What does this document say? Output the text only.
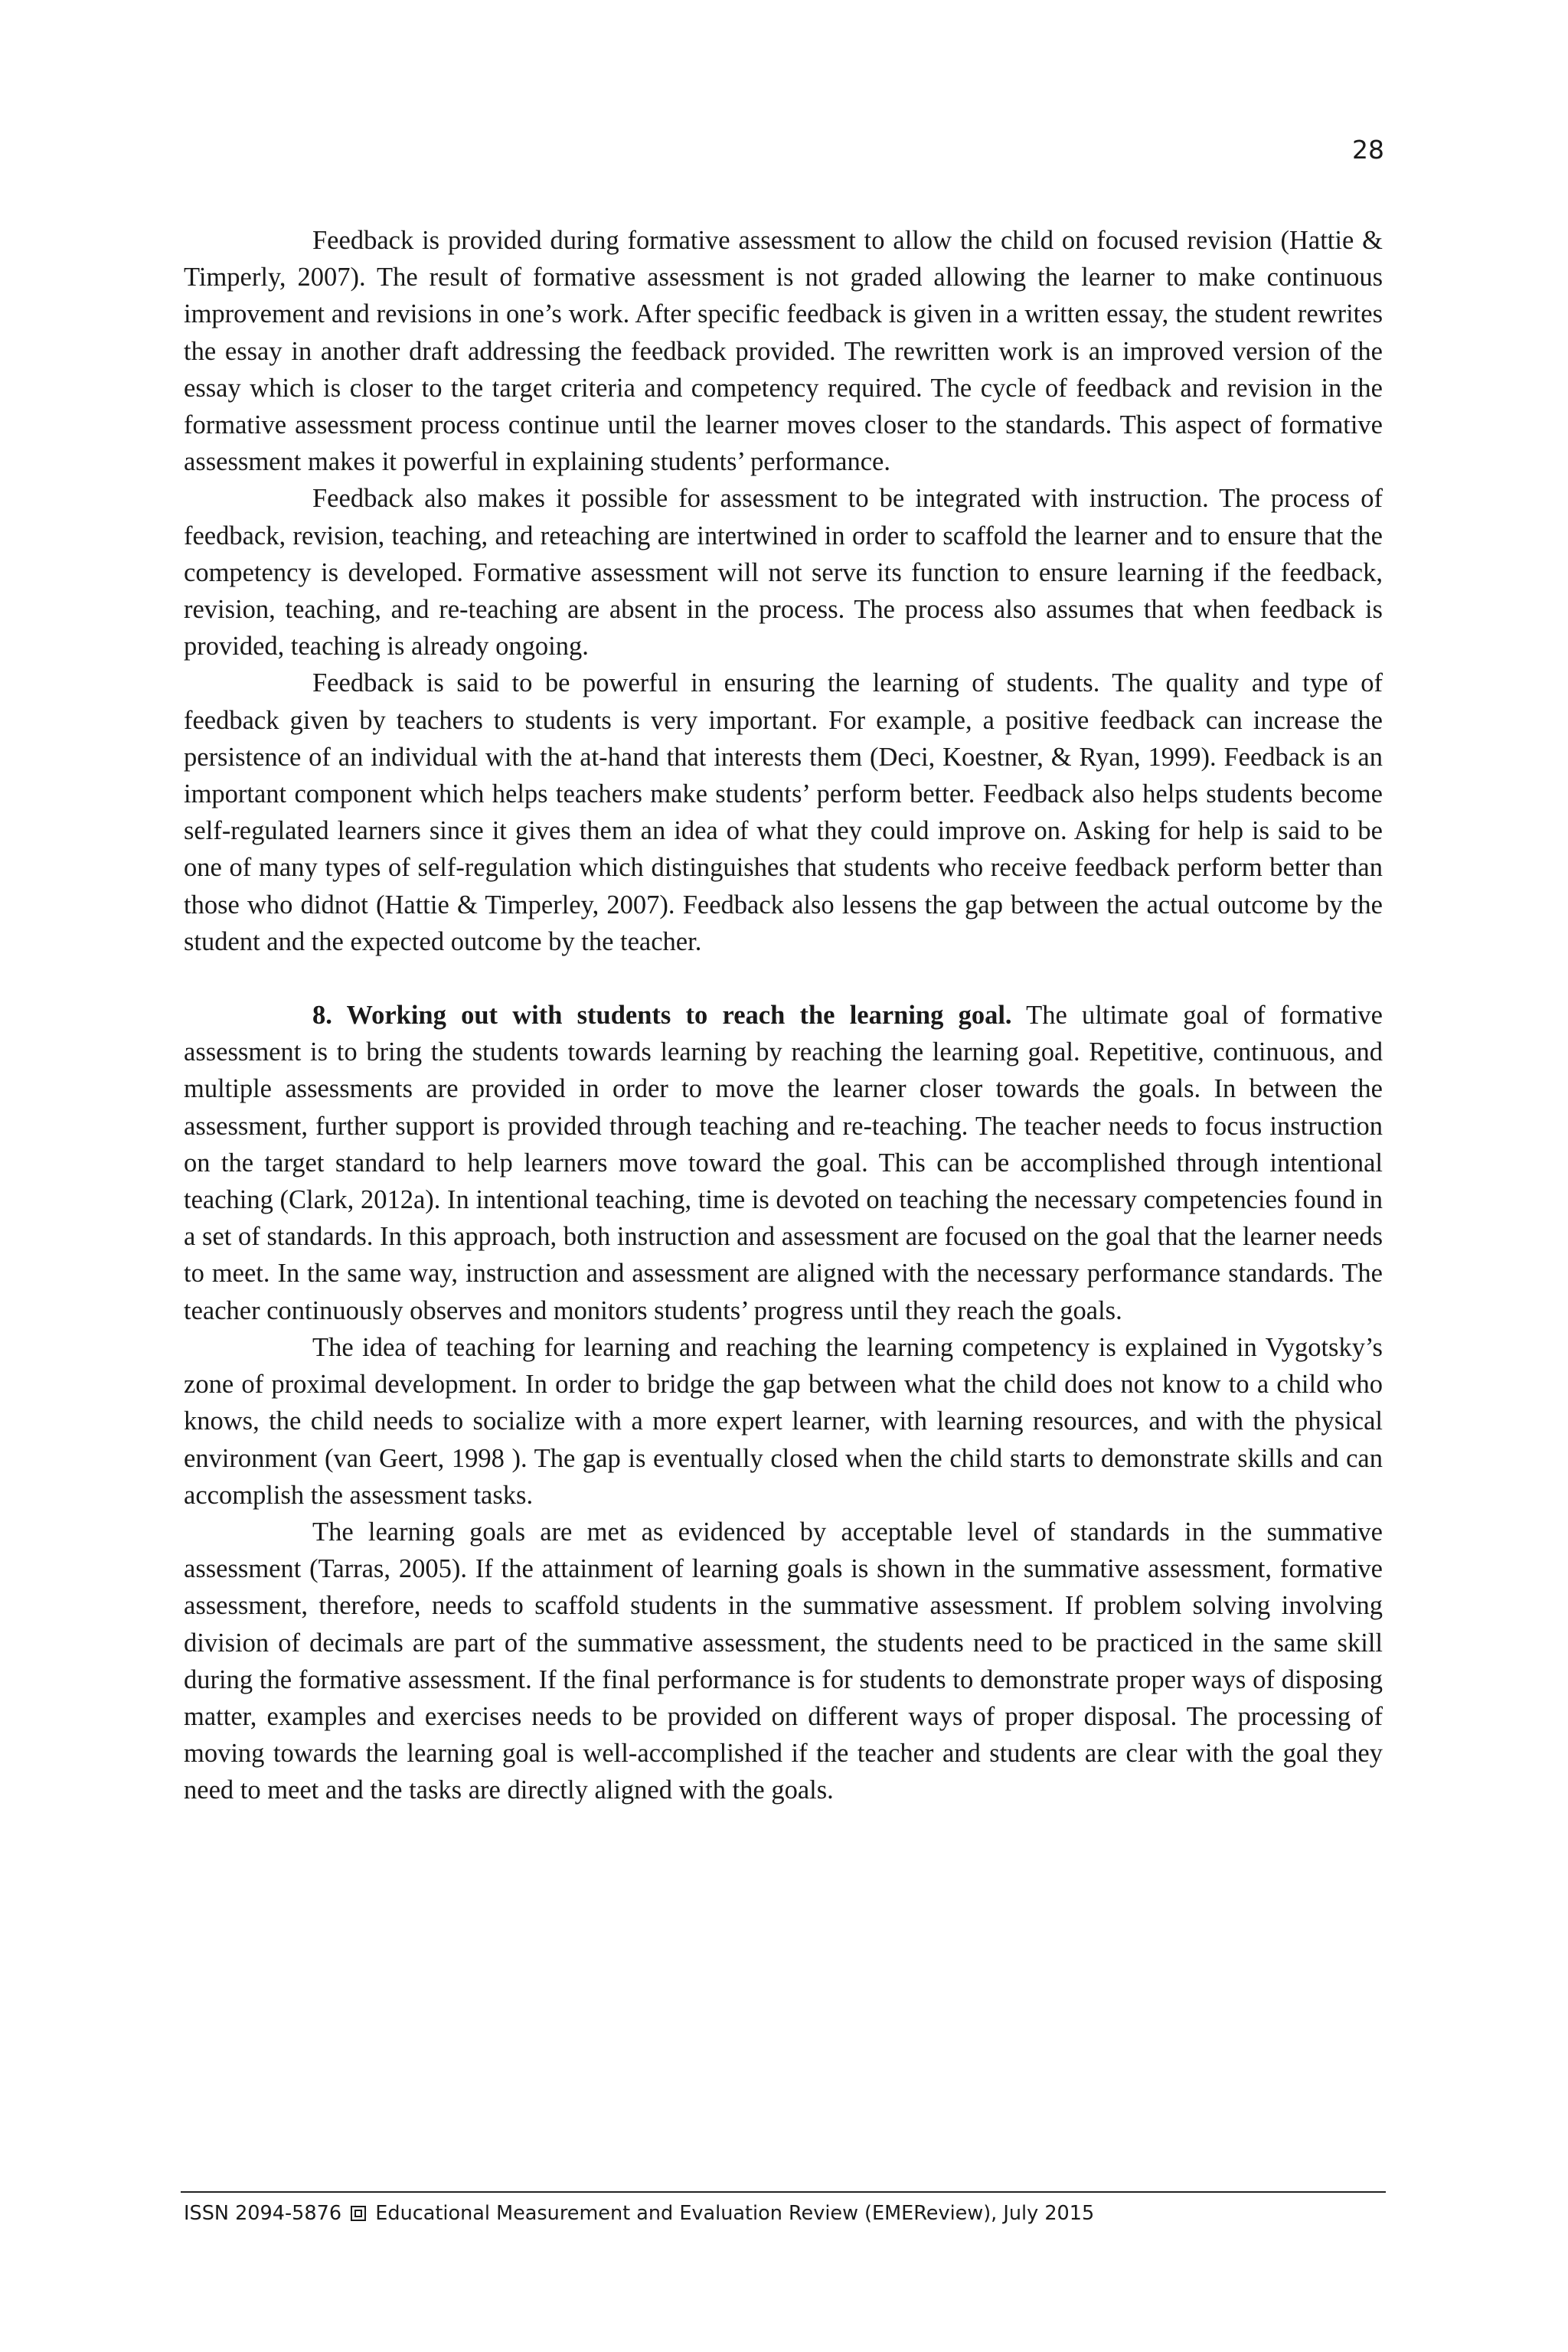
28

Feedback is provided during formative assessment to allow the child on focused revision (Hattie & Timperly, 2007). The result of formative assessment is not graded allowing the learner to make continuous improvement and revisions in one’s work. After specific feedback is given in a written essay, the student rewrites the essay in another draft addressing the feedback provided. The rewritten work is an improved version of the essay which is closer to the target criteria and competency required. The cycle of feedback and revision in the formative assessment process continue until the learner moves closer to the standards. This aspect of formative assessment makes it powerful in explaining students’ performance.

Feedback also makes it possible for assessment to be integrated with instruction. The process of feedback, revision, teaching, and reteaching are intertwined in order to scaffold the learner and to ensure that the competency is developed. Formative assessment will not serve its function to ensure learning if the feedback, revision, teaching, and re-teaching are absent in the process. The process also assumes that when feedback is provided, teaching is already ongoing.

Feedback is said to be powerful in ensuring the learning of students. The quality and type of feedback given by teachers to students is very important. For example, a positive feedback can increase the persistence of an individual with the at-hand that interests them (Deci, Koestner, & Ryan, 1999). Feedback is an important component which helps teachers make students’ perform better. Feedback also helps students become self-regulated learners since it gives them an idea of what they could improve on. Asking for help is said to be one of many types of self-regulation which distinguishes that students who receive feedback perform better than those who didnot (Hattie & Timperley, 2007). Feedback also lessens the gap between the actual outcome by the student and the expected outcome by the teacher.

8. Working out with students to reach the learning goal. The ultimate goal of formative assessment is to bring the students towards learning by reaching the learning goal. Repetitive, continuous, and multiple assessments are provided in order to move the learner closer towards the goals. In between the assessment, further support is provided through teaching and re-teaching. The teacher needs to focus instruction on the target standard to help learners move toward the goal. This can be accomplished through intentional teaching (Clark, 2012a). In intentional teaching, time is devoted on teaching the necessary competencies found in a set of standards. In this approach, both instruction and assessment are focused on the goal that the learner needs to meet. In the same way, instruction and assessment are aligned with the necessary performance standards. The teacher continuously observes and monitors students’ progress until they reach the goals.

The idea of teaching for learning and reaching the learning competency is explained in Vygotsky’s zone of proximal development. In order to bridge the gap between what the child does not know to a child who knows, the child needs to socialize with a more expert learner, with learning resources, and with the physical environment (van Geert, 1998 ). The gap is eventually closed when the child starts to demonstrate skills and can accomplish the assessment tasks.

The learning goals are met as evidenced by acceptable level of standards in the summative assessment (Tarras, 2005). If the attainment of learning goals is shown in the summative assessment, formative assessment, therefore, needs to scaffold students in the summative assessment. If problem solving involving division of decimals are part of the summative assessment, the students need to be practiced in the same skill during the formative assessment. If the final performance is for students to demonstrate proper ways of disposing matter, examples and exercises needs to be provided on different ways of proper disposal. The processing of moving towards the learning goal is well-accomplished if the teacher and students are clear with the goal they need to meet and the tasks are directly aligned with the goals.

ISSN 2094-5876 Educational Measurement and Evaluation Review (EMEReview), July 2015
